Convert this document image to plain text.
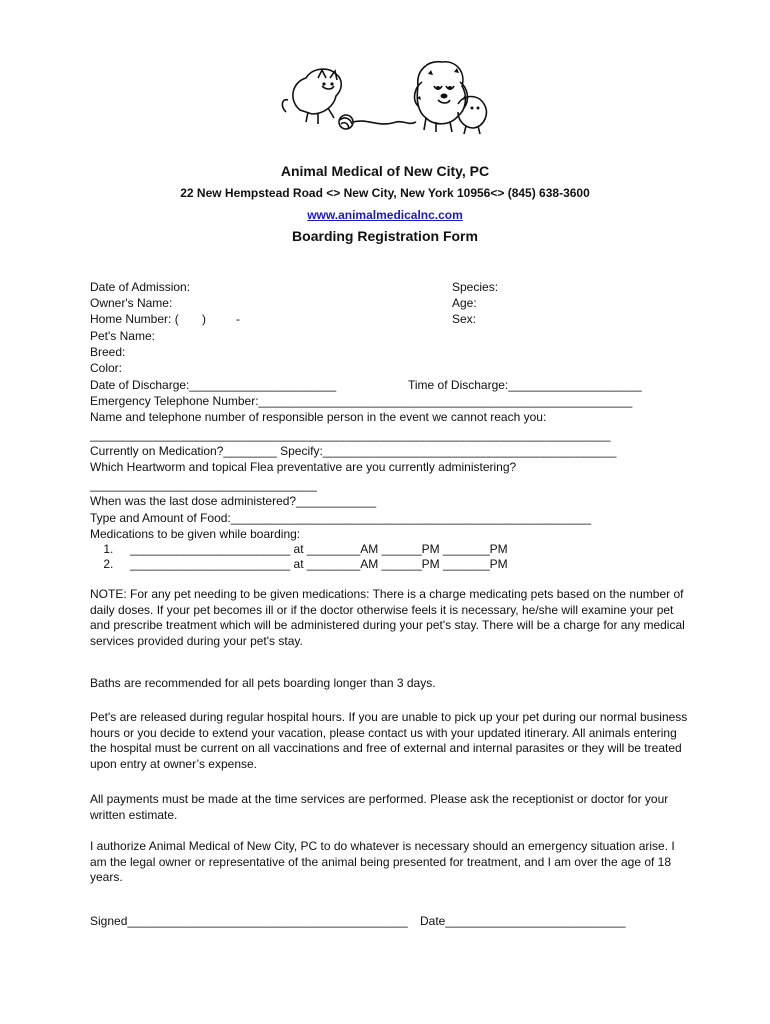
Animal Medical of New City, PC
22 New Hempstead Road <> New City, New York 10956<> (845) 638-3600
www.animalmedicalnc.com
Boarding Registration Form
Date of Admission:
Owner's Name:
Home Number: (       )         -
Pet's Name:
Breed:
Color:
Species:
Age:
Sex:
Date of Discharge:______________________	Time of Discharge:____________________
Emergency Telephone Number:________________________________________________________
Name and telephone number of responsible person in the event we cannot reach you:
______________________________________________________________________________
Currently on Medication?________ Specify:____________________________________________
Which Heartworm and topical Flea preventative are you currently administering?
__________________________________
When was the last dose administered?____________
Type and Amount of Food:______________________________________________________
Medications to be given while boarding:
1.     ________________________ at ________AM ______PM _______PM
2.     ________________________ at ________AM ______PM _______PM
NOTE: For any pet needing to be given medications: There is a charge medicating pets based on the number of daily doses. If your pet becomes ill or if the doctor otherwise feels it is necessary, he/she will examine your pet and prescribe treatment which will be administered during your pet's stay. There will be a charge for any medical services provided during your pet's stay.
Baths are recommended for all pets boarding longer than 3 days.
Pet's are released during regular hospital hours. If you are unable to pick up your pet during our normal business hours or you decide to extend your vacation, please contact us with your updated itinerary. All animals entering the hospital must be current on all vaccinations and free of external and internal parasites or they will be treated upon entry at owner’s expense.
All payments must be made at the time services are performed. Please ask the receptionist or doctor for your written estimate.
I authorize Animal Medical of New City, PC to do whatever is necessary should an emergency situation arise. I am the legal owner or representative of the animal being presented for treatment, and I am over the age of 18 years.
Signed__________________________________________ Date___________________________
